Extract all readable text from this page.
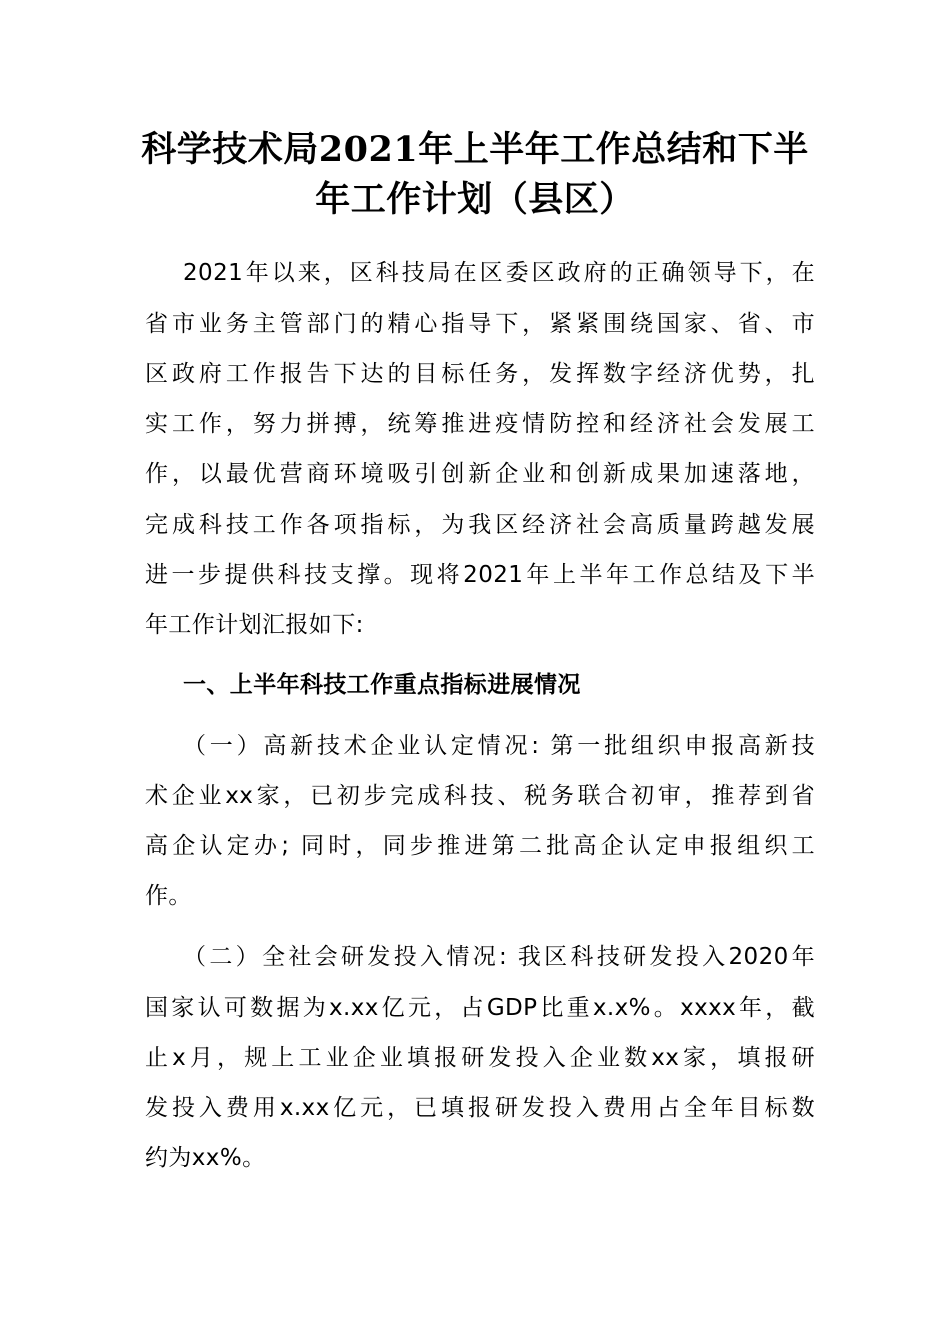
科学技术局2021年上半年工作总结和下半
年工作计划（县区）
2021年以来，区科技局在区委区政府的正确领导下，在
省市业务主管部门的精心指导下，紧紧围绕国家、省、市
区政府工作报告下达的目标任务，发挥数字经济优势，扎
实工作，努力拼搏，统筹推进疫情防控和经济社会发展工
作，以最优营商环境吸引创新企业和创新成果加速落地，
完成科技工作各项指标，为我区经济社会高质量跨越发展
进一步提供科技支撑。现将2021年上半年工作总结及下半
年工作计划汇报如下:
一、上半年科技工作重点指标进展情况
（一）高新技术企业认定情况: 第一批组织申报高新技
术企业xx家，已初步完成科技、税务联合初审，推荐到省
高企认定办; 同时，同步推进第二批高企认定申报组织工
作。
（二）全社会研发投入情况: 我区科技研发投入2020年
国家认可数据为x.xx亿元，占GDP比重x.x%。xxxx年，截
止x月，规上工业企业填报研发投入企业数xx家，填报研
发投入费用x.xx亿元，已填报研发投入费用占全年目标数
约为xx%。
